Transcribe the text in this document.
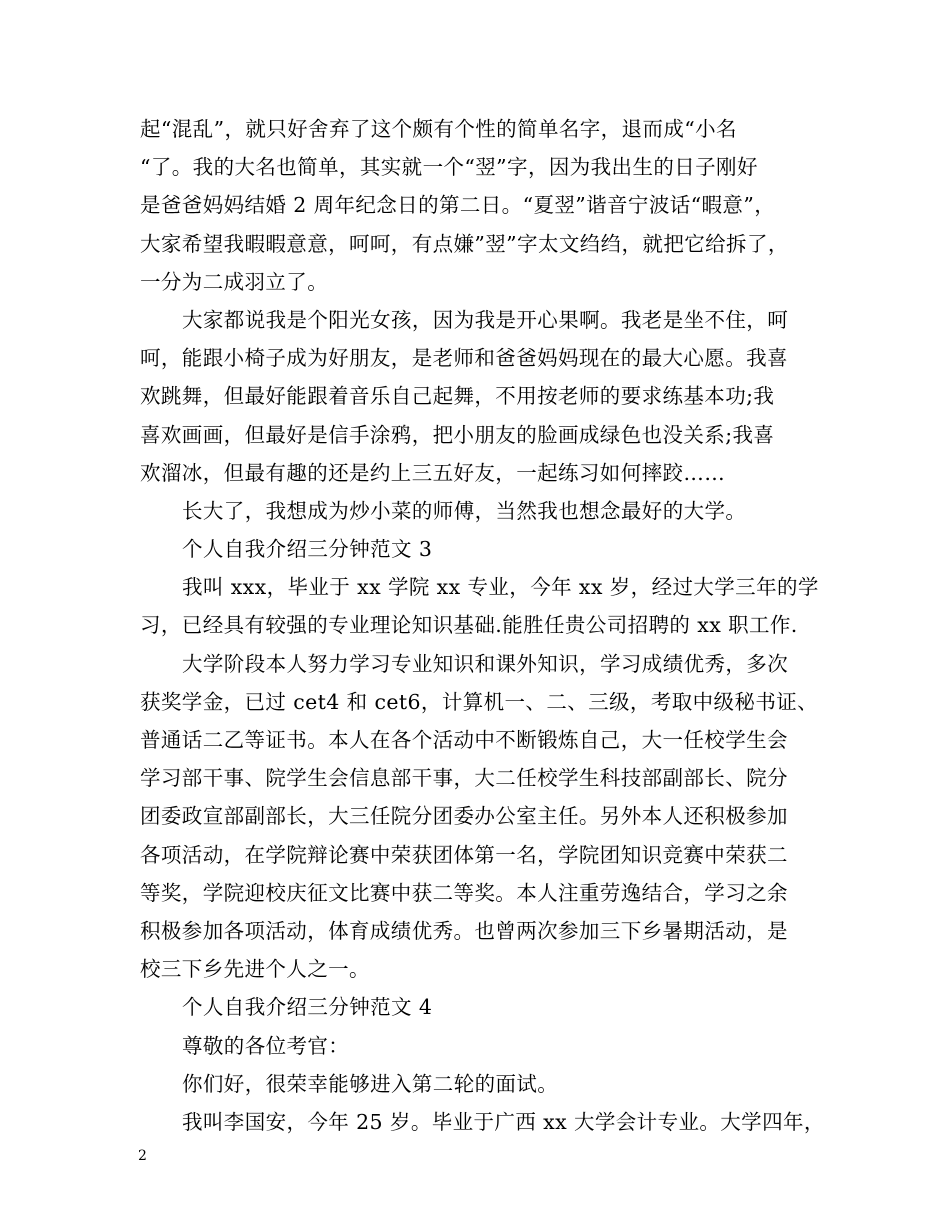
起“混乱”，就只好舍弃了这个颇有个性的简单名字，退而成“小名
“了。我的大名也简单，其实就一个“翌”字，因为我出生的日子刚好
是爸爸妈妈结婚 2 周年纪念日的第二日。“夏翌”谐音宁波话“暇意”，
大家希望我暇暇意意，呵呵，有点嫌”翌”字太文绉绉，就把它给拆了，
一分为二成羽立了。
大家都说我是个阳光女孩，因为我是开心果啊。我老是坐不住，呵
呵，能跟小椅子成为好朋友，是老师和爸爸妈妈现在的最大心愿。我喜
欢跳舞，但最好能跟着音乐自己起舞，不用按老师的要求练基本功;我
喜欢画画，但最好是信手涂鸦，把小朋友的脸画成绿色也没关系;我喜
欢溜冰，但最有趣的还是约上三五好友，一起练习如何摔跤……
长大了，我想成为炒小菜的师傅，当然我也想念最好的大学。
个人自我介绍三分钟范文 3
我叫 xxx，毕业于 xx 学院 xx 专业，今年 xx 岁，经过大学三年的学
习，已经具有较强的专业理论知识基础.能胜任贵公司招聘的 xx 职工作.
大学阶段本人努力学习专业知识和课外知识，学习成绩优秀，多次
获奖学金，已过 cet4 和 cet6，计算机一、二、三级，考取中级秘书证、
普通话二乙等证书。本人在各个活动中不断锻炼自己，大一任校学生会
学习部干事、院学生会信息部干事，大二任校学生科技部副部长、院分
团委政宣部副部长，大三任院分团委办公室主任。另外本人还积极参加
各项活动，在学院辩论赛中荣获团体第一名，学院团知识竞赛中荣获二
等奖，学院迎校庆征文比赛中获二等奖。本人注重劳逸结合，学习之余
积极参加各项活动，体育成绩优秀。也曾两次参加三下乡暑期活动，是
校三下乡先进个人之一。
个人自我介绍三分钟范文 4
尊敬的各位考官：
你们好，很荣幸能够进入第二轮的面试。
我叫李国安，今年 25 岁。毕业于广西 xx 大学会计专业。大学四年，
2
